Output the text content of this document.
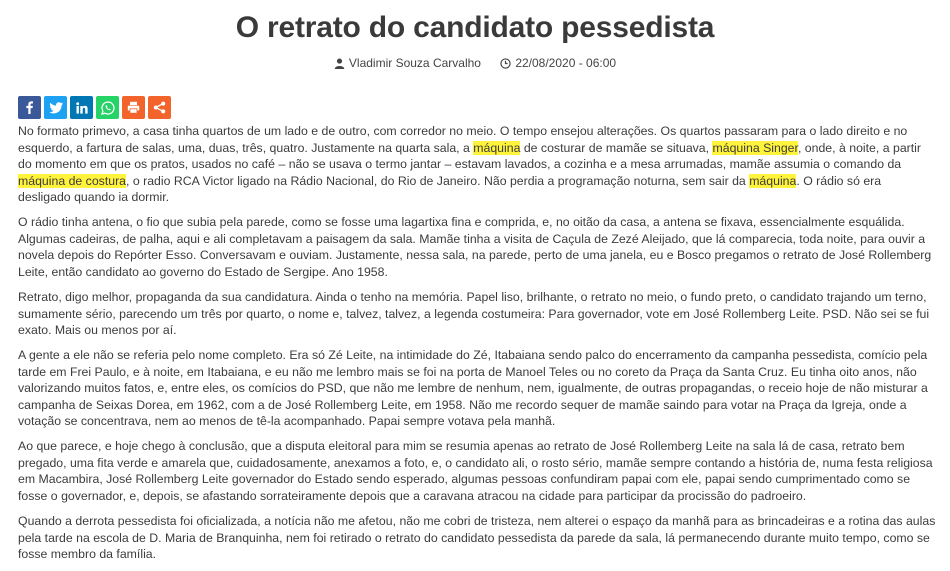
O retrato do candidato pessedista
Vladimir Souza Carvalho
	22/08/2020 - 06:00

No formato primevo, a casa tinha quartos de um lado e de outro, com corredor no meio. O tempo ensejou alterações. Os quartos passaram para o lado direito e no esquerdo, a fartura de salas, uma, duas, três, quatro. Justamente na quarta sala, a máquina de costurar de mamãe se situava, máquina Singer, onde, à noite, a partir do momento em que os pratos, usados no café – não se usava o termo jantar – estavam lavados, a cozinha e a mesa arrumadas, mamãe assumia o comando da máquina de costura, o radio RCA Victor ligado na Rádio Nacional, do Rio de Janeiro. Não perdia a programação noturna, sem sair da máquina. O rádio só era desligado quando ia dormir.

O rádio tinha antena, o fio que subia pela parede, como se fosse uma lagartixa fina e comprida, e, no oitão da casa, a antena se fixava, essencialmente esquálida. Algumas cadeiras, de palha, aqui e ali completavam a paisagem da sala. Mamãe tinha a visita de Caçula de Zezé Aleijado, que lá comparecia, toda noite, para ouvir a novela depois do Repórter Esso. Conversavam e ouviam. Justamente, nessa sala, na parede, perto de uma janela, eu e Bosco pregamos o retrato de José Rollemberg Leite, então candidato ao governo do Estado de Sergipe. Ano 1958.

Retrato, digo melhor, propaganda da sua candidatura. Ainda o tenho na memória. Papel liso, brilhante, o retrato no meio, o fundo preto, o candidato trajando um terno, sumamente sério, parecendo um três por quarto, o nome e, talvez, talvez, a legenda costumeira: Para governador, vote em José Rollemberg Leite. PSD. Não sei se fui exato. Mais ou menos por aí.

A gente a ele não se referia pelo nome completo. Era só Zé Leite, na intimidade do Zé, Itabaiana sendo palco do encerramento da campanha pessedista, comício pela tarde em Frei Paulo, e à noite, em Itabaiana, e eu não me lembro mais se foi na porta de Manoel Teles ou no coreto da Praça da Santa Cruz. Eu tinha oito anos, não valorizando muitos fatos, e, entre eles, os comícios do PSD, que não me lembre de nenhum, nem, igualmente, de outras propagandas, o receio hoje de não misturar a campanha de Seixas Dorea, em 1962, com a de José Rollemberg Leite, em 1958. Não me recordo sequer de mamãe saindo para votar na Praça da Igreja, onde a votação se concentrava, nem ao menos de tê-la acompanhado. Papai sempre votava pela manhã.

Ao que parece, e hoje chego à conclusão, que a disputa eleitoral para mim se resumia apenas ao retrato de José Rollemberg Leite na sala lá de casa, retrato bem pregado, uma fita verde e amarela que, cuidadosamente, anexamos a foto, e, o candidato ali, o rosto sério, mamãe sempre contando a história de, numa festa religiosa em Macambira, José Rollemberg Leite governador do Estado sendo esperado, algumas pessoas confundiram papai com ele, papai sendo cumprimentado como se fosse o governador, e, depois, se afastando sorrateiramente depois que a caravana atracou na cidade para participar da procissão do padroeiro.

Quando a derrota pessedista foi oficializada, a notícia não me afetou, não me cobri de tristeza, nem alterei o espaço da manhã para as brincadeiras e a rotina das aulas pela tarde na escola de D. Maria de Branquinha, nem foi retirado o retrato do candidato pessedista da parede da sala, lá permanecendo durante muito tempo, como se fosse membro da família.
